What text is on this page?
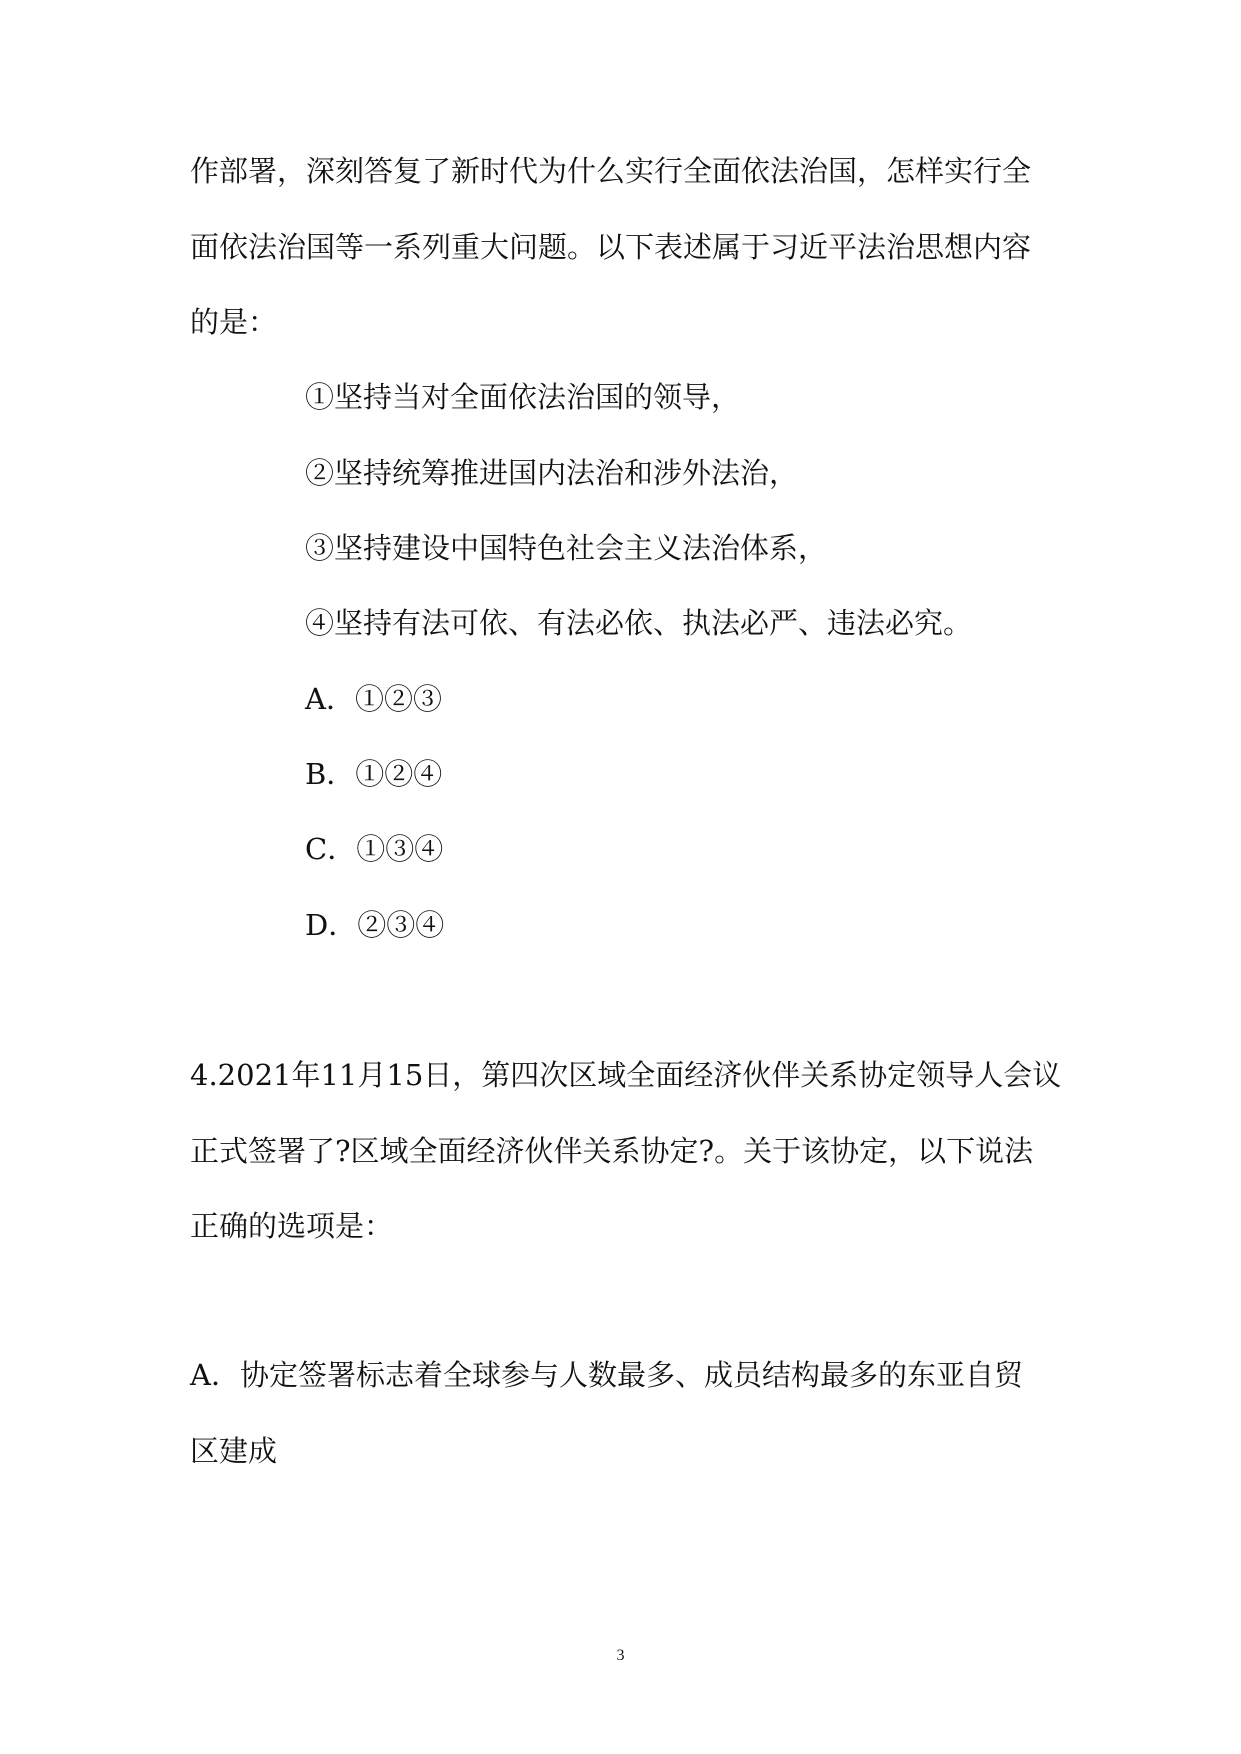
作部署，深刻答复了新时代为什么实行全面依法治国，怎样实行全
面依法治国等一系列重大问题。以下表述属于习近平法治思想内容
的是：
①坚持当对全面依法治国的领导，
②坚持统筹推进国内法治和涉外法治，
③坚持建设中国特色社会主义法治体系，
④坚持有法可依、有法必依、执法必严、违法必究。
A．①②③
B．①②④
C．①③④
D．②③④
4.2021年11月15日，第四次区域全面经济伙伴关系协定领导人会议
正式签署了?区域全面经济伙伴关系协定?。关于该协定，以下说法
正确的选项是：
A．协定签署标志着全球参与人数最多、成员结构最多的东亚自贸
区建成
3
